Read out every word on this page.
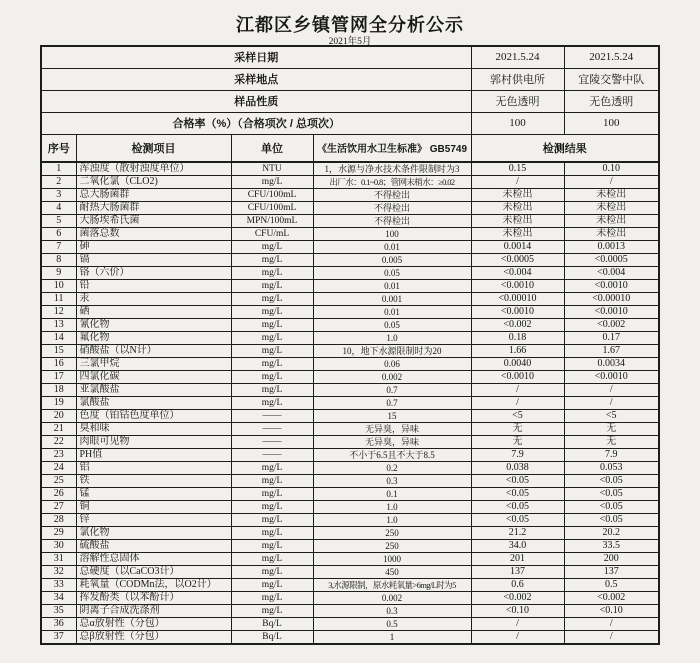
江都区乡镇管网全分析公示
2021年5月
采样日期				2021.5.24	2021.5.24
采样地点				郭村供电所	宜陵交警中队
样品性质				无色透明	无色透明
合格率（%）（合格项次 / 总项次）				100	100
序号	检测项目	单位	《生活饮用水卫生标准》 GB5749	检测结果	
1	浑浊度（散射浊度单位）	NTU	1，水源与净水技术条件限制时为3	0.15	0.10
2	二氧化氯（CLO2)	mg/L	出厂水：0.1~0.8；管网末梢水：≥0.02	/	/
3	总大肠菌群	CFU/100mL	不得检出	未检出	未检出
4	耐热大肠菌群	CFU/100mL	不得检出	未检出	未检出
5	大肠埃希氏菌	MPN/100mL	不得检出	未检出	未检出
6	菌落总数	CFU/mL	100	未检出	未检出
7	砷	mg/L	0.01	0.0014	0.0013
8	镉	mg/L	0.005	<0.0005	<0.0005
9	铬（六价）	mg/L	0.05	<0.004	<0.004
10	铅	mg/L	0.01	<0.0010	<0.0010
11	汞	mg/L	0.001	<0.00010	<0.00010
12	硒	mg/L	0.01	<0.0010	<0.0010
13	氰化物	mg/L	0.05	<0.002	<0.002
14	氟化物	mg/L	1.0	0.18	0.17
15	硝酸盐（以N计）	mg/L	10，地下水源限制时为20	1.66	1.67
16	三氯甲烷	mg/L	0.06	0.0040	0.0034
17	四氯化碳	mg/L	0.002	<0.0010	<0.0010
18	亚氯酸盐	mg/L	0.7	/	/
19	氯酸盐	mg/L	0.7	/	/
20	色度（铂钴色度单位）	——	15	<5	<5
21	臭和味	——	无异臭，异味	无	无
22	肉眼可见物	——	无异臭，异味	无	无
23	PH值	——	不小于6.5且不大于8.5	7.9	7.9
24	铝	mg/L	0.2	0.038	0.053
25	铁	mg/L	0.3	<0.05	<0.05
26	锰	mg/L	0.1	<0.05	<0.05
27	铜	mg/L	1.0	<0.05	<0.05
28	锌	mg/L	1.0	<0.05	<0.05
29	氯化物	mg/L	250	21.2	20.2
30	硫酸盐	mg/L	250	34.0	33.5
31	溶解性总固体	mg/L	1000	201	200
32	总硬度（以CaCO3计）	mg/L	450	137	137
33	耗氧量（CODMn法，以O2计）	mg/L	3,水源限制，原水耗氧量>6mg/L时为5	0.6	0.5
34	挥发酚类（以苯酚计）	mg/L	0.002	<0.002	<0.002
35	阴离子合成洗涤剂	mg/L	0.3	<0.10	<0.10
36	总α放射性（分包）	Bq/L	0.5	/	/
37	总β放射性（分包）	Bq/L	1	/	/
